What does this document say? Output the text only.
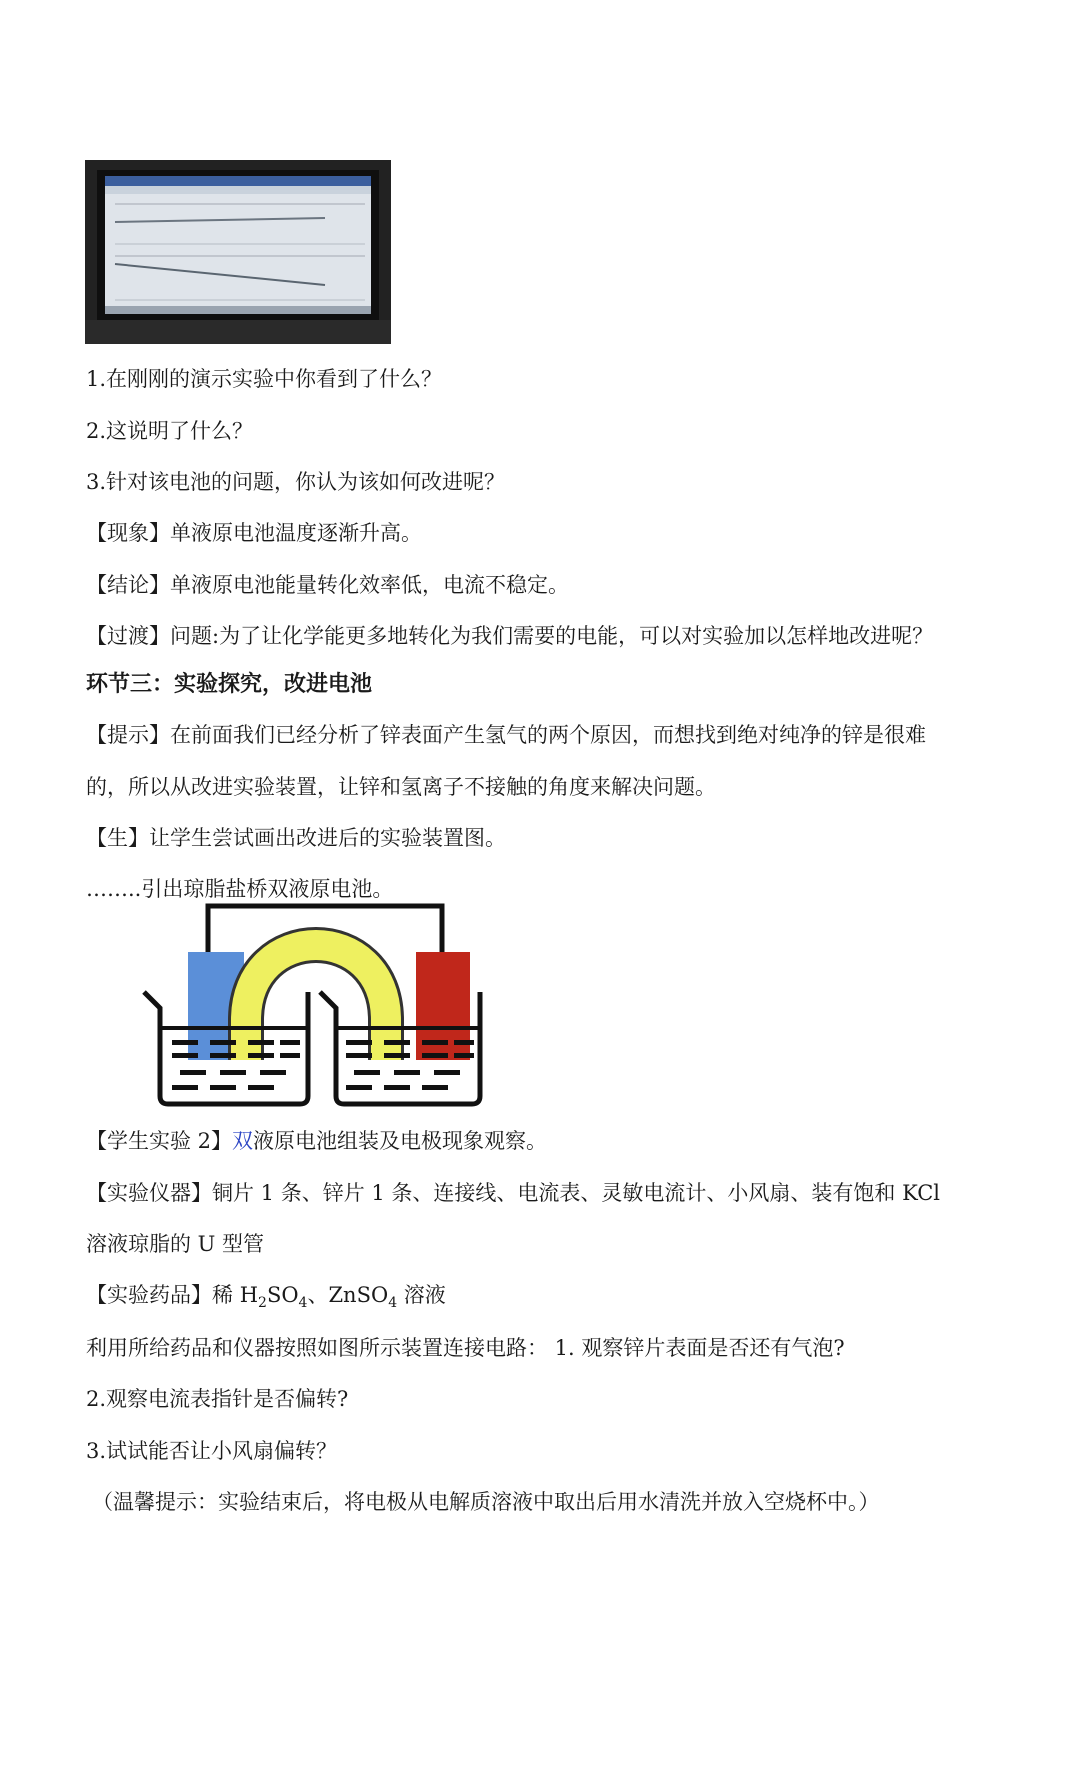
1.在刚刚的演示实验中你看到了什么？

2.这说明了什么？

3.针对该电池的问题，你认为该如何改进呢？

【现象】单液原电池温度逐渐升高。

【结论】单液原电池能量转化效率低，电流不稳定。

【过渡】问题:为了让化学能更多地转化为我们需要的电能，可以对实验加以怎样地改进呢？

环节三：实验探究，改进电池

【提示】在前面我们已经分析了锌表面产生氢气的两个原因，而想找到绝对纯净的锌是很难

的，所以从改进实验装置，让锌和氢离子不接触的角度来解决问题。

【生】让学生尝试画出改进后的实验装置图。

……..引出琼脂盐桥双液原电池。

【学生实验 2】双液原电池组装及电极现象观察。

【实验仪器】铜片 1 条、锌片 1 条、连接线、电流表、灵敏电流计、小风扇、装有饱和 KCl

溶液琼脂的 U 型管

【实验药品】稀 $H_2SO_4$、ZnSO$_4$ 溶液

利用所给药品和仪器按照如图所示装置连接电路： 1. 观察锌片表面是否还有气泡?

2.观察电流表指针是否偏转?

3.试试能否让小风扇偏转？

（温馨提示：实验结束后，将电极从电解质溶液中取出后用水清洗并放入空烧杯中。）
